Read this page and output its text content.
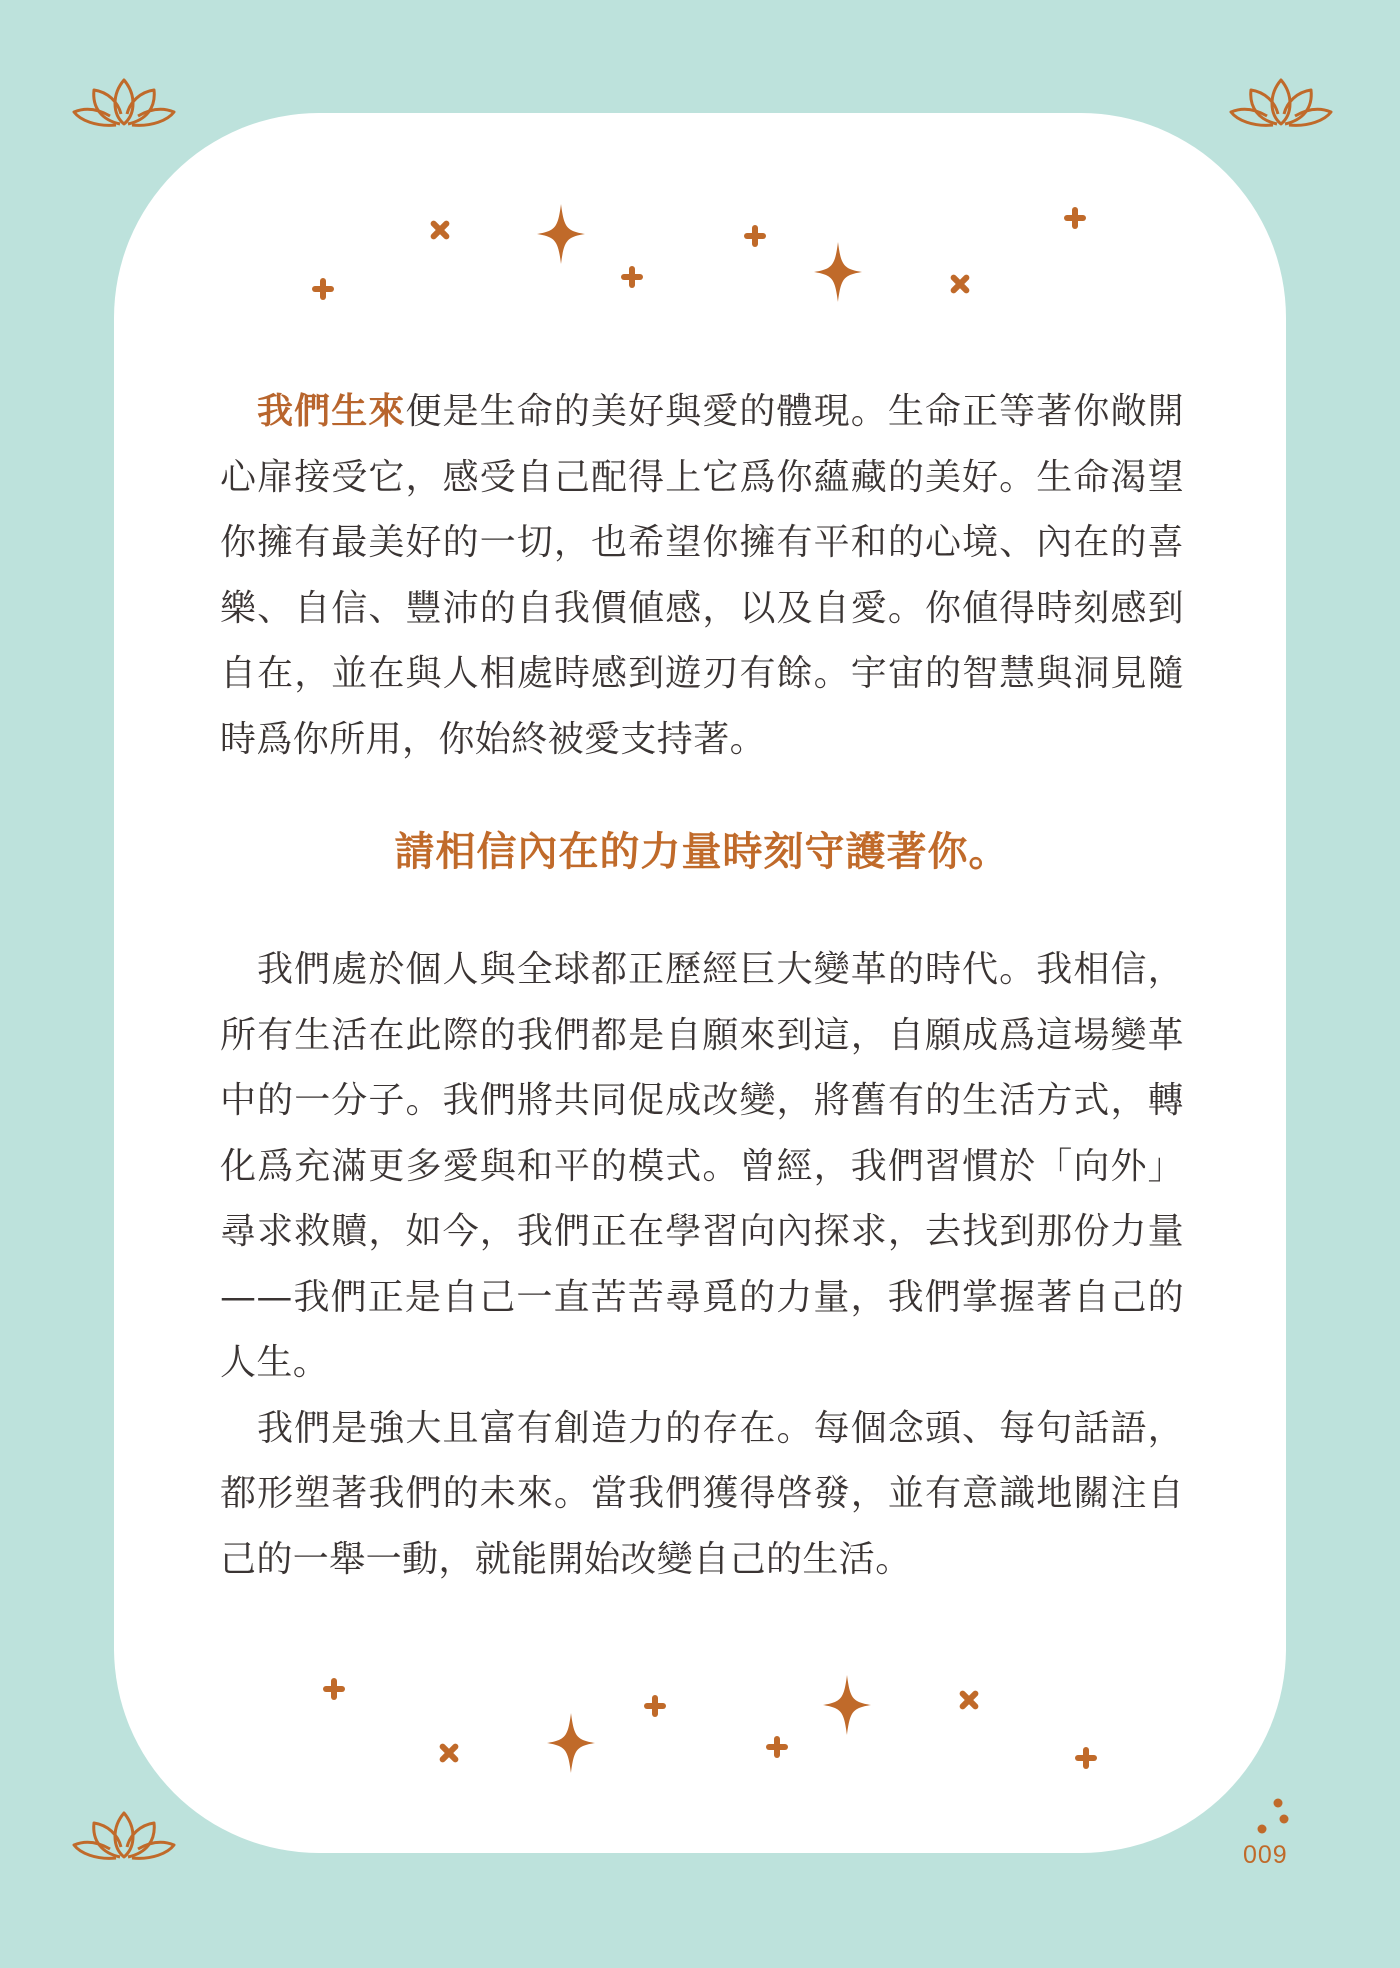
我們生來便是生命的美好與愛的體現。生命正等著你敞開心扉接受它，感受自己配得上它爲你蘊藏的美好。生命渴望你擁有最美好的一切，也希望你擁有平和的心境、內在的喜樂、自信、豐沛的自我價値感，以及自愛。你値得時刻感到自在，並在與人相處時感到遊刃有餘。宇宙的智慧與洞見隨時爲你所用，你始終被愛支持著。

請相信內在的力量時刻守護著你。

我們處於個人與全球都正歷經巨大變革的時代。我相信，所有生活在此際的我們都是自願來到這，自願成爲這場變革中的一分子。我們將共同促成改變，將舊有的生活方式，轉化爲充滿更多愛與和平的模式。曾經，我們習慣於「向外」尋求救贖，如今，我們正在學習向內探求，去找到那份力量——我們正是自己一直苦苦尋覓的力量，我們掌握著自己的人生。

我們是強大且富有創造力的存在。每個念頭、每句話語，都形塑著我們的未來。當我們獲得啓發，並有意識地關注自己的一舉一動，就能開始改變自己的生活。

009
